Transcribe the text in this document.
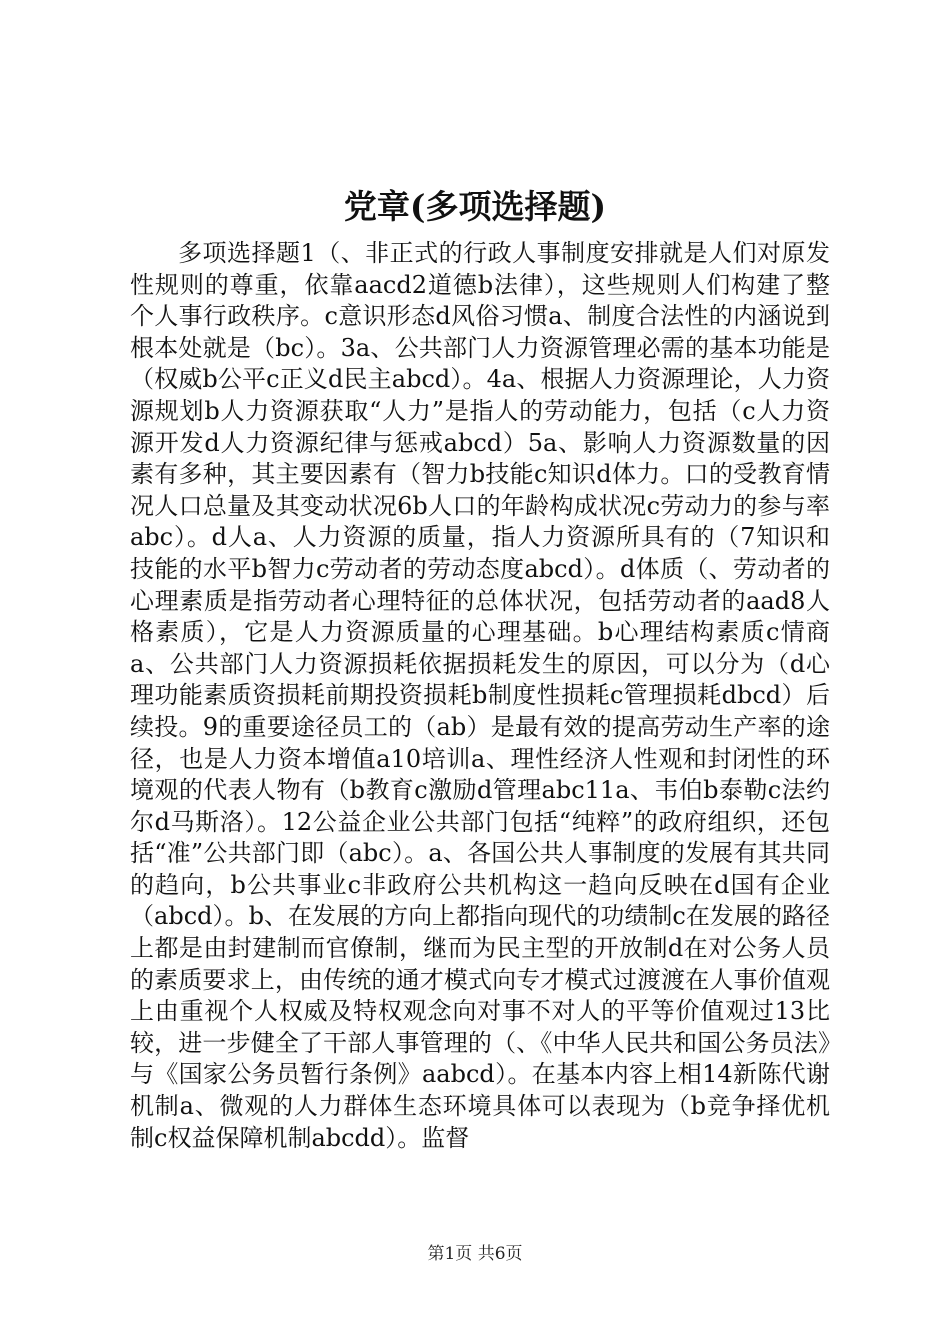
党章(多项选择题)

多项选择题1（、非正式的行政人事制度安排就是人们对原发性规则的尊重，依靠aacd2道德b法律），这些规则人们构建了整个人事行政秩序。c意识形态d风俗习惯a、制度合法性的内涵说到根本处就是（bc）。3a、公共部门人力资源管理必需的基本功能是（权威b公平c正义d民主abcd）。4a、根据人力资源理论，人力资源规划b人力资源获取“人力”是指人的劳动能力，包括（c人力资源开发d人力资源纪律与惩戒abcd）5a、影响人力资源数量的因素有多种，其主要因素有（智力b技能c知识d体力。口的受教育情况人口总量及其变动状况6b人口的年龄构成状况c劳动力的参与率abc）。d人a、人力资源的质量，指人力资源所具有的（7知识和技能的水平b智力c劳动者的劳动态度abcd）。d体质（、劳动者的心理素质是指劳动者心理特征的总体状况，包括劳动者的aad8人格素质），它是人力资源质量的心理基础。b心理结构素质c情商a、公共部门人力资源损耗依据损耗发生的原因，可以分为（d心理功能素质资损耗前期投资损耗b制度性损耗c管理损耗dbcd）后续投。9的重要途径员工的（ab）是最有效的提高劳动生产率的途径，也是人力资本增值a10培训a、理性经济人性观和封闭性的环境观的代表人物有（b教育c激励d管理abc11a、韦伯b泰勒c法约尔d马斯洛）。12公益企业公共部门包括“纯粹”的政府组织，还包括“准”公共部门即（abc）。a、各国公共人事制度的发展有其共同的趋向，b公共事业c非政府公共机构这一趋向反映在d国有企业（abcd）。b、在发展的方向上都指向现代的功绩制c在发展的路径上都是由封建制而官僚制，继而为民主型的开放制d在对公务人员的素质要求上，由传统的通才模式向专才模式过渡渡在人事价值观上由重视个人权威及特权观念向对事不对人的平等价值观过13比较，进一步健全了干部人事管理的（、《中华人民共和国公务员法》与《国家公务员暂行条例》aabcd）。在基本内容上相14新陈代谢机制a、微观的人力群体生态环境具体可以表现为（b竞争择优机制c权益保障机制abcdd）。监督

第1页 共6页
